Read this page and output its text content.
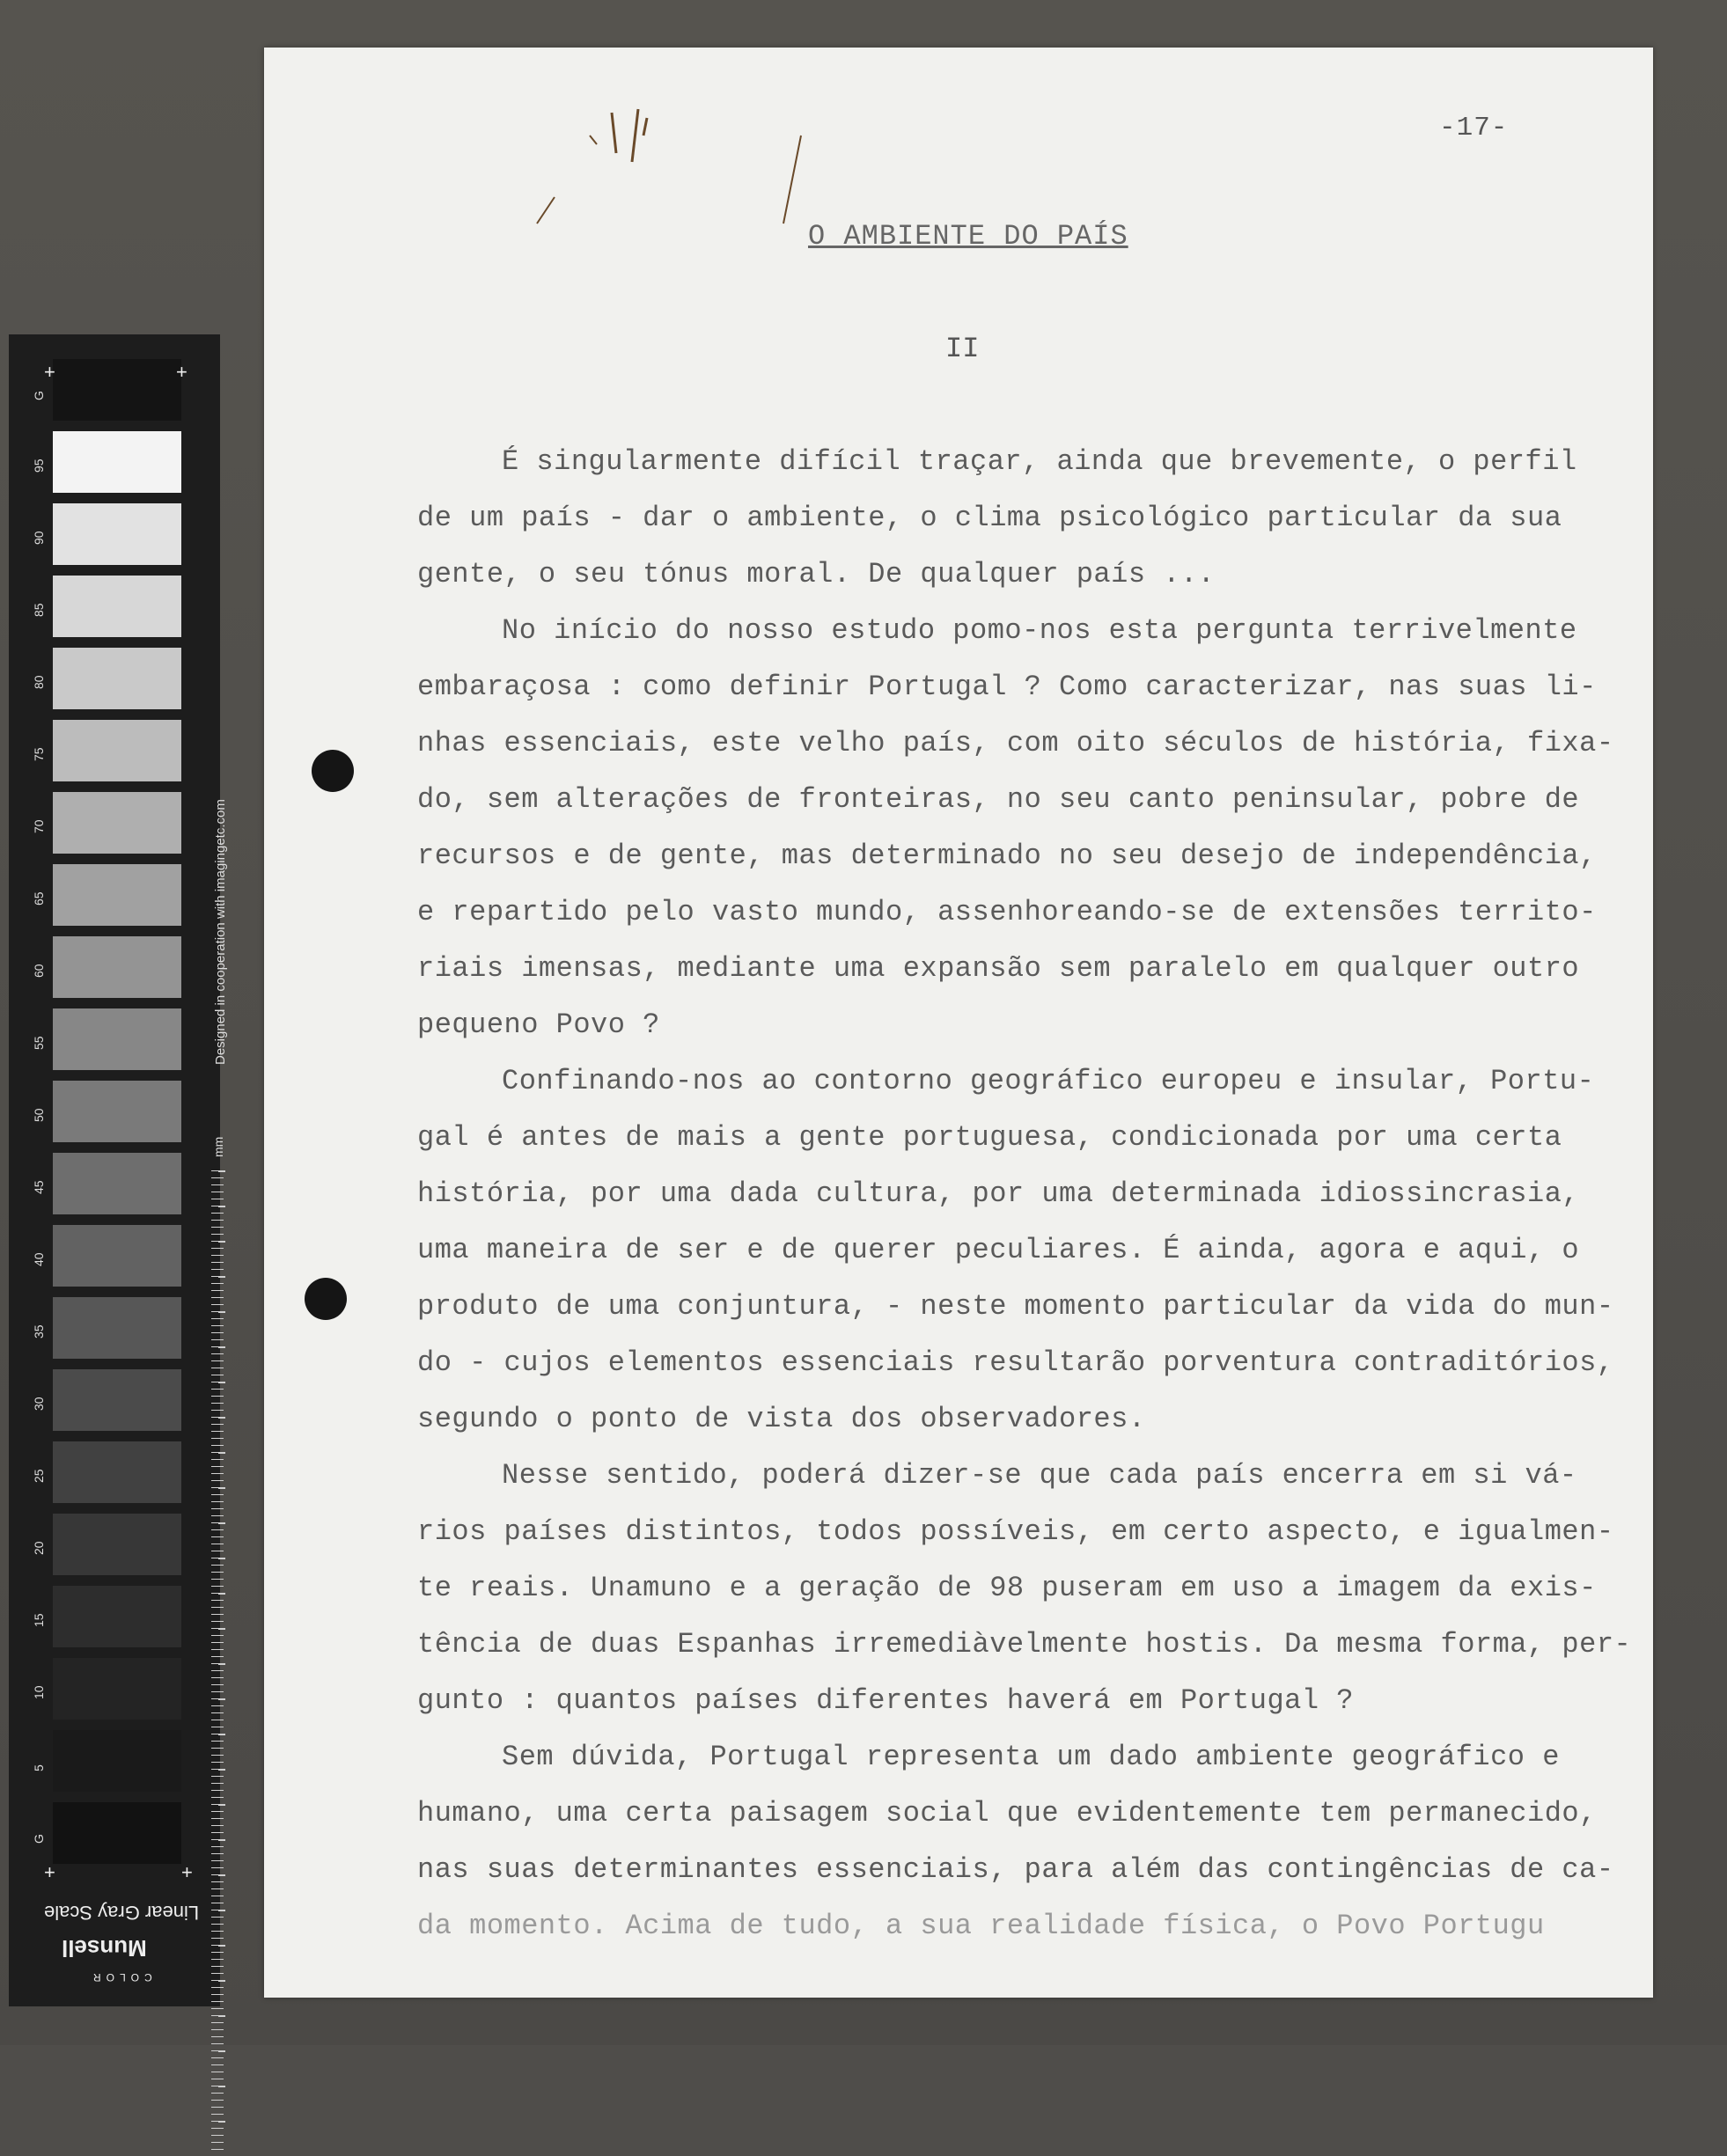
G
95
90
85
80
75
70
65
60
55
50
45
40
35
30
25
20
15
10
5
G
Designed in cooperation with imagingetc.com
mm
+	+
+	+
Linear Gray Scale
Munsell
COLOR
-17-
O AMBIENTE DO PAÍS
II
É singularmente difícil traçar, ainda que brevemente, o perfil
de um país - dar o ambiente, o clima psicológico particular da sua
gente, o seu tónus moral. De qualquer país ...
No início do nosso estudo pomo-nos esta pergunta terrivelmente
embaraçosa : como definir Portugal ? Como caracterizar, nas suas li-
nhas essenciais, este velho país, com oito séculos de história, fixa-
do, sem alterações de fronteiras, no seu canto peninsular, pobre de
recursos e de gente, mas determinado no seu desejo de independência,
e repartido pelo vasto mundo, assenhoreando-se de extensões territo-
riais imensas, mediante uma expansão sem paralelo em qualquer outro
pequeno Povo ?
Confinando-nos ao contorno geográfico europeu e insular, Portu-
gal é antes de mais a gente portuguesa, condicionada por uma certa
história, por uma dada cultura, por uma determinada idiossincrasia,
uma maneira de ser e de querer peculiares. É ainda, agora e aqui, o
produto de uma conjuntura, - neste momento particular da vida do mun-
do - cujos elementos essenciais resultarão porventura contraditórios,
segundo o ponto de vista dos observadores.
Nesse sentido, poderá dizer-se que cada país encerra em si vá-
rios países distintos, todos possíveis, em certo aspecto, e igualmen-
te reais. Unamuno e a geração de 98 puseram em uso a imagem da exis-
tência de duas Espanhas irremediàvelmente hostis. Da mesma forma, per-
gunto : quantos países diferentes haverá em Portugal ?
Sem dúvida, Portugal representa um dado ambiente geográfico e
humano, uma certa paisagem social que evidentemente tem permanecido,
nas suas determinantes essenciais, para além das contingências de ca-
da momento. Acima de tudo, a sua realidade física, o Povo Portugu
